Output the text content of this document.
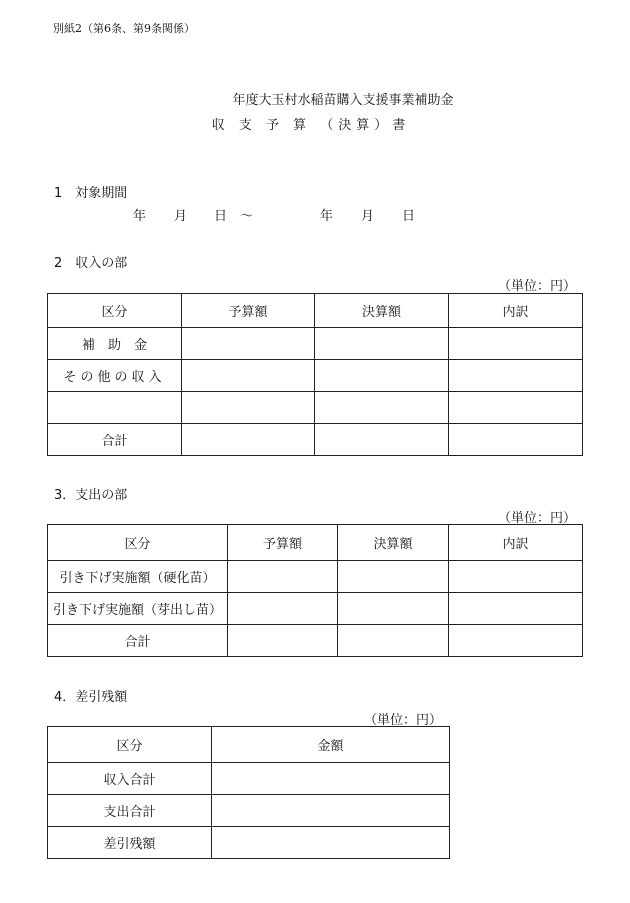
別紙2（第6条、第9条関係）
年度大玉村水稲苗購入支援事業補助金
収 支 予 算 （決算）書
1　対象期間
年 月 日 〜	年 月 日
2　収入の部
（単位：円）
区分	予算額	決算額	内訳
補　助　金			
その他の収入			

合計			
3．支出の部
（単位：円）
区分	予算額	決算額	内訳
引き下げ実施額（硬化苗）			
引き下げ実施額（芽出し苗）			
合計			
4．差引残額
（単位：円）
区分	金額
収入合計	
支出合計	
差引残額	
